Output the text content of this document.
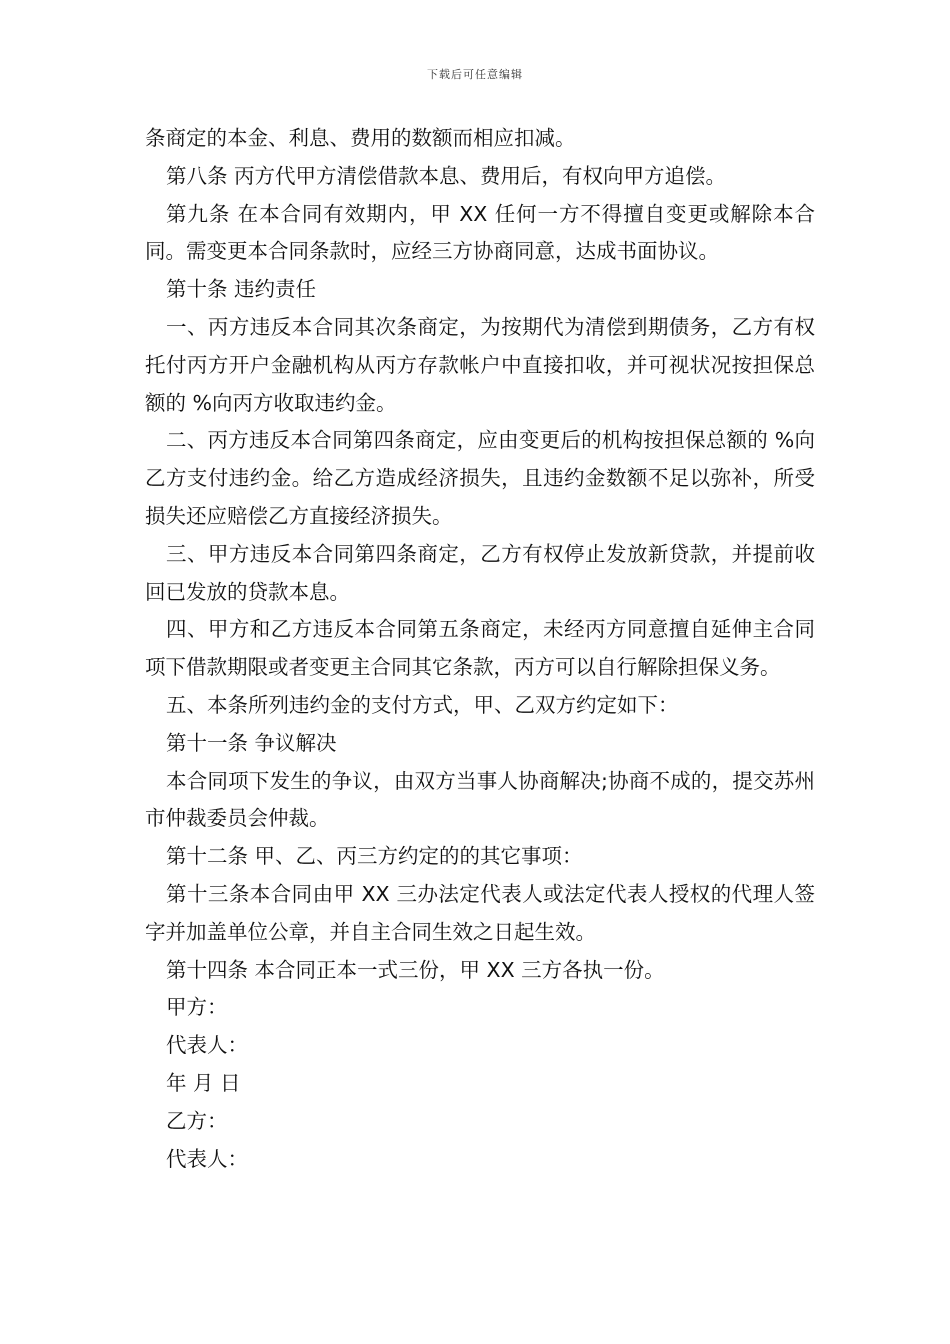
下载后可任意编辑

条商定的本金、利息、费用的数额而相应扣减。

第八条 丙方代甲方清偿借款本息、费用后，有权向甲方追偿。

第九条 在本合同有效期内，甲 XX 任何一方不得擅自变更或解除本合同。需变更本合同条款时，应经三方协商同意，达成书面协议。

第十条 违约责任

一、丙方违反本合同其次条商定，为按期代为清偿到期债务，乙方有权托付丙方开户金融机构从丙方存款帐户中直接扣收，并可视状况按担保总额的 %向丙方收取违约金。

二、丙方违反本合同第四条商定，应由变更后的机构按担保总额的 %向乙方支付违约金。给乙方造成经济损失，且违约金数额不足以弥补，所受损失还应赔偿乙方直接经济损失。

三、甲方违反本合同第四条商定，乙方有权停止发放新贷款，并提前收回已发放的贷款本息。

四、甲方和乙方违反本合同第五条商定，未经丙方同意擅自延伸主合同项下借款期限或者变更主合同其它条款，丙方可以自行解除担保义务。

五、本条所列违约金的支付方式，甲、乙双方约定如下：

第十一条 争议解决

本合同项下发生的争议，由双方当事人协商解决;协商不成的，提交苏州市仲裁委员会仲裁。

第十二条 甲、乙、丙三方约定的的其它事项：

第十三条本合同由甲 XX 三办法定代表人或法定代表人授权的代理人签字并加盖单位公章，并自主合同生效之日起生效。

第十四条 本合同正本一式三份，甲 XX 三方各执一份。

甲方：

代表人：

年 月 日

乙方：

代表人：
